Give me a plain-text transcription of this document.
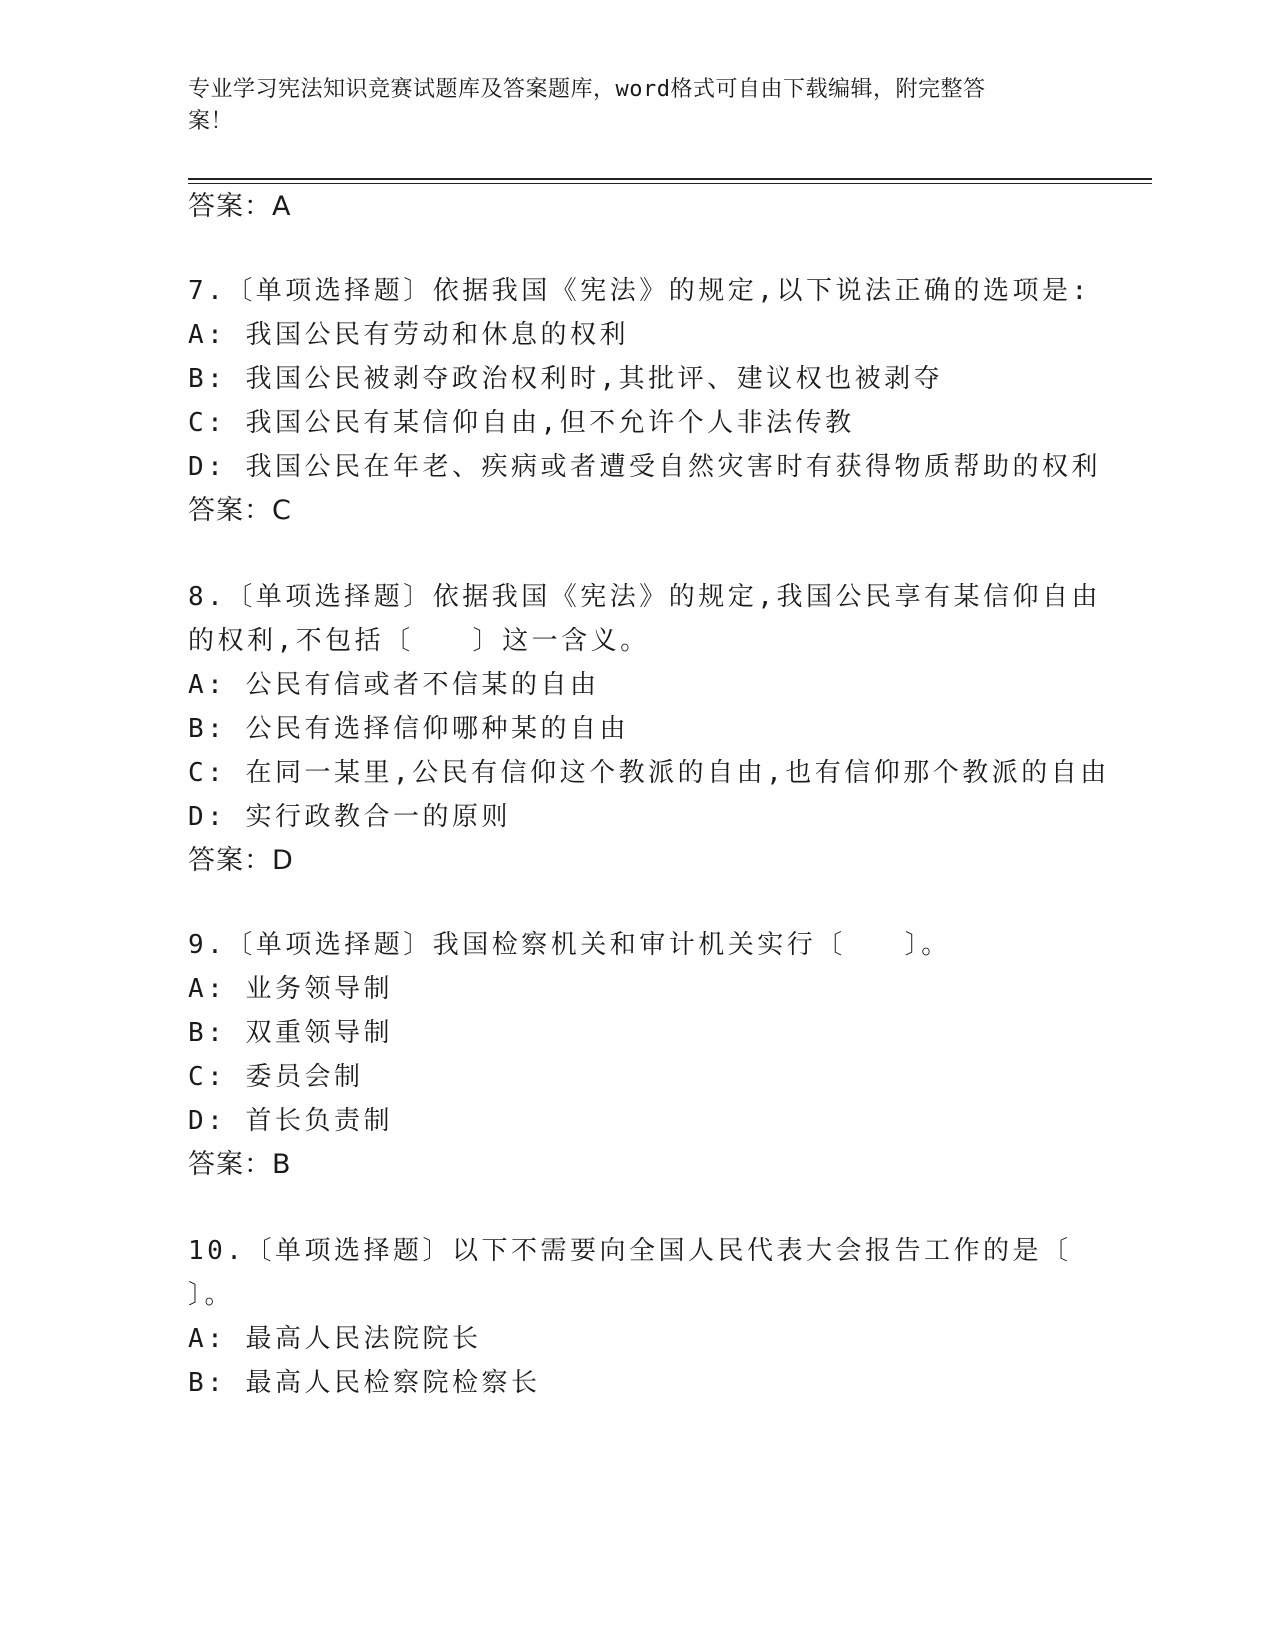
专业学习宪法知识竞赛试题库及答案题库，word格式可自由下载编辑，附完整答
案！
答案：A
7.〔单项选择题〕依据我国《宪法》的规定,以下说法正确的选项是:
A: 我国公民有劳动和休息的权利
B: 我国公民被剥夺政治权利时,其批评、建议权也被剥夺
C: 我国公民有某信仰自由,但不允许个人非法传教
D: 我国公民在年老、疾病或者遭受自然灾害时有获得物质帮助的权利
答案：C
8.〔单项选择题〕依据我国《宪法》的规定,我国公民享有某信仰自由
的权利,不包括〔　　〕这一含义。
A: 公民有信或者不信某的自由
B: 公民有选择信仰哪种某的自由
C: 在同一某里,公民有信仰这个教派的自由,也有信仰那个教派的自由
D: 实行政教合一的原则
答案：D
9.〔单项选择题〕我国检察机关和审计机关实行〔　　〕。
A: 业务领导制
B: 双重领导制
C: 委员会制
D: 首长负责制
答案：B
10.〔单项选择题〕以下不需要向全国人民代表大会报告工作的是〔
〕。
A: 最高人民法院院长
B: 最高人民检察院检察长
